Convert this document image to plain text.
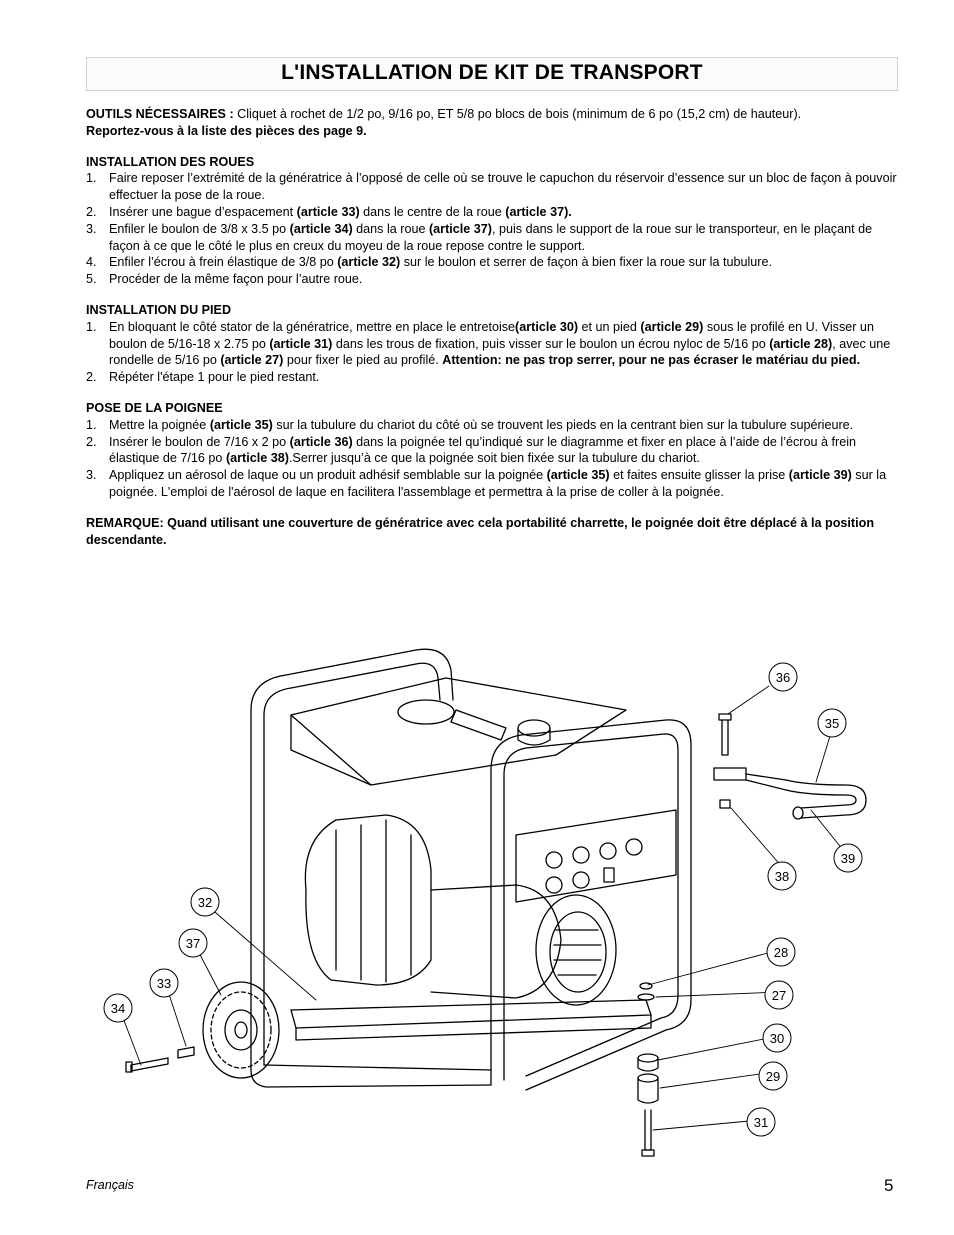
L'INSTALLATION DE KIT DE TRANSPORT

OUTILS NÉCESSAIRES : Cliquet à rochet de 1/2 po, 9/16 po, ET 5/8 po blocs de bois (minimum de 6 po (15,2 cm) de hauteur).
Reportez-vous à la liste des pièces des page 9.

INSTALLATION DES ROUES

1. Faire reposer l’extrémité de la génératrice à l’opposé de celle où se trouve le capuchon du réservoir d’essence sur un bloc de façon à pouvoir effectuer la pose de la roue.
2. Insérer une bague d’espacement (article 33) dans le centre de la roue (article 37).
3. Enfiler le boulon de 3/8 x 3.5 po (article 34) dans la roue (article 37), puis dans le support de la roue sur le transporteur, en le plaçant de façon à ce que le côté le plus en creux du moyeu de la roue repose contre le support.
4. Enfiler l’écrou à frein élastique de 3/8 po (article 32) sur le boulon et serrer de façon à bien fixer la roue sur la tubulure.
5. Procéder de la même façon pour l’autre roue.

INSTALLATION DU PIED

1. En bloquant le côté stator de la génératrice, mettre en place le entretoise(article 30) et un pied (article 29) sous le profilé en U. Visser un boulon de 5/16-18 x 2.75 po (article 31) dans les trous de fixation, puis visser sur le boulon un écrou nyloc de 5/16 po (article 28), avec une rondelle de 5/16 po (article 27) pour fixer le pied au profilé. Attention: ne pas trop serrer, pour ne pas écraser le matériau du pied.
2. Répéter l'étape 1 pour le pied restant.

POSE DE LA POIGNEE

1. Mettre la poignée (article 35) sur la tubulure du chariot du côté où se trouvent les pieds en la centrant bien sur la tubulure supérieure.
2. Insérer le boulon de 7/16 x 2 po (article 36) dans la poignée tel qu’indiqué sur le diagramme et fixer en place à l’aide de l’écrou à frein élastique de 7/16 po (article 38).Serrer jusqu’à ce que la poignée soit bien fixée sur la tubulure du chariot.
3. Appliquez un aérosol de laque ou un produit adhésif semblable sur la poignée (article 35) et faites ensuite glisser la prise (article 39) sur la poignée. L'emploi de l'aérosol de laque en facilitera l'assemblage et permettra à la prise de coller à la poignée.

REMARQUE: Quand utilisant une couverture de génératrice avec cela portabilité charrette, le poignée doit être déplacé à la position descendante.

36
35
39
38
28
27
30
29
31
32
37
33
34
Français	5
